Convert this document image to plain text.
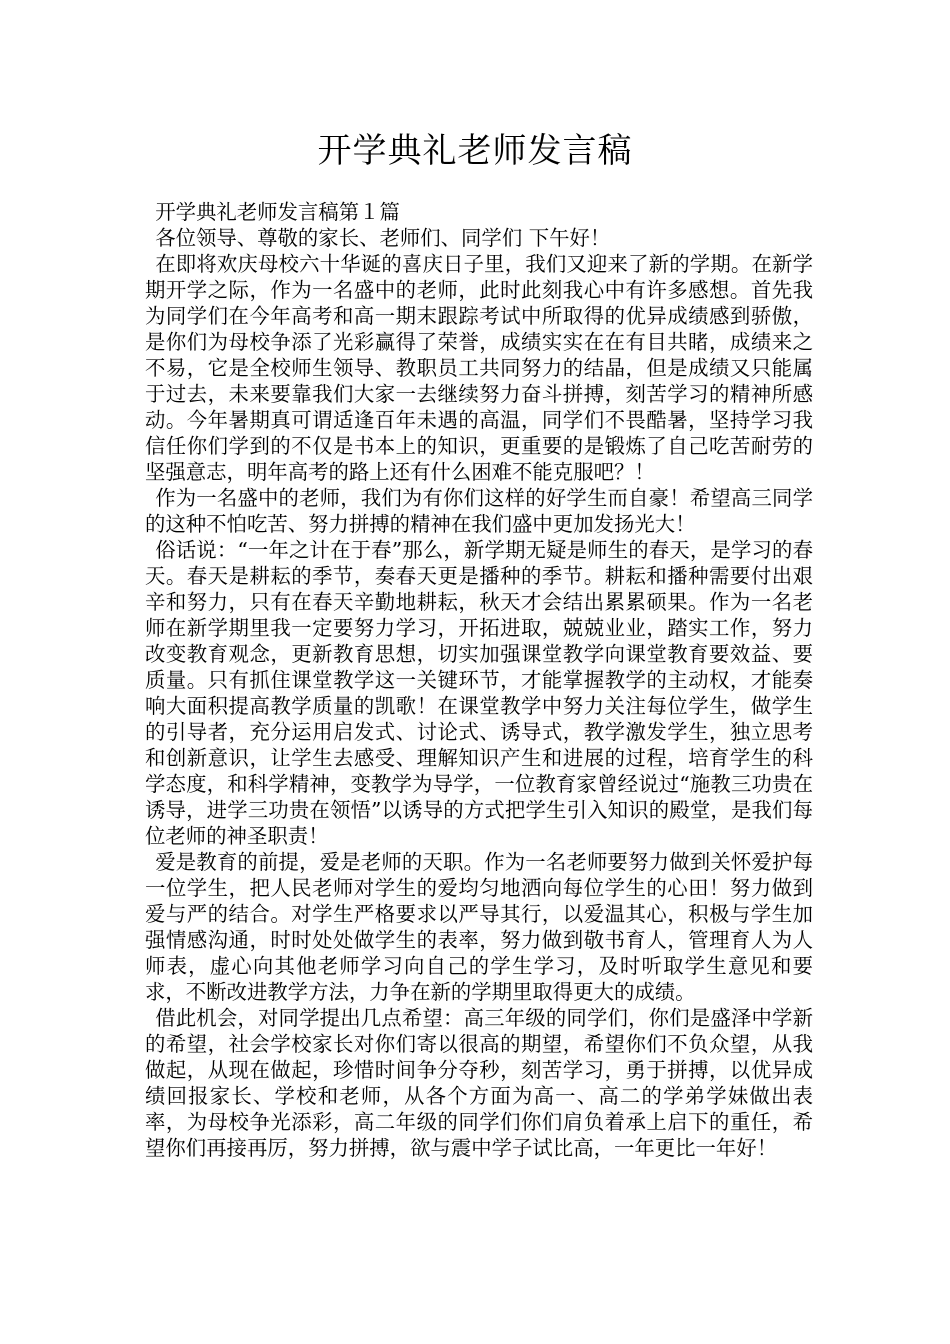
开学典礼老师发言稿

开学典礼老师发言稿第１篇

各位领导、尊敬的家长、老师们、同学们 下午好！

在即将欢庆母校六十华诞的喜庆日子里，我们又迎来了新的学期。在新学期开学之际，作为一名盛中的老师，此时此刻我心中有许多感想。首先我为同学们在今年高考和高一期末跟踪考试中所取得的优异成绩感到骄傲，是你们为母校争添了光彩赢得了荣誉，成绩实实在在有目共睹，成绩来之不易，它是全校师生领导、教职员工共同努力的结晶，但是成绩又只能属于过去，未来要靠我们大家一去继续努力奋斗拼搏，刻苦学习的精神所感动。今年暑期真可谓适逢百年未遇的高温，同学们不畏酷暑，坚持学习我信任你们学到的不仅是书本上的知识，更重要的是锻炼了自己吃苦耐劳的坚强意志，明年高考的路上还有什么困难不能克服吧？！

作为一名盛中的老师，我们为有你们这样的好学生而自豪！希望高三同学的这种不怕吃苦、努力拼搏的精神在我们盛中更加发扬光大！

俗话说：“一年之计在于春”那么，新学期无疑是师生的春天，是学习的春天。春天是耕耘的季节，奏春天更是播种的季节。耕耘和播种需要付出艰辛和努力，只有在春天辛勤地耕耘，秋天才会结出累累硕果。作为一名老师在新学期里我一定要努力学习，开拓进取，兢兢业业，踏实工作，努力改变教育观念，更新教育思想，切实加强课堂教学向课堂教育要效益、要质量。只有抓住课堂教学这一关键环节，才能掌握教学的主动权，才能奏响大面积提高教学质量的凯歌！在课堂教学中努力关注每位学生，做学生的引导者，充分运用启发式、讨论式、诱导式，教学激发学生，独立思考和创新意识，让学生去感受、理解知识产生和进展的过程，培育学生的科学态度，和科学精神，变教学为导学，一位教育家曾经说过“施教三功贵在诱导，进学三功贵在领悟”以诱导的方式把学生引入知识的殿堂，是我们每位老师的神圣职责！

爱是教育的前提，爱是老师的天职。作为一名老师要努力做到关怀爱护每一位学生，把人民老师对学生的爱均匀地洒向每位学生的心田！努力做到爱与严的结合。对学生严格要求以严导其行，以爱温其心，积极与学生加强情感沟通，时时处处做学生的表率，努力做到敬书育人，管理育人为人师表，虚心向其他老师学习向自己的学生学习，及时听取学生意见和要求，不断改进教学方法，力争在新的学期里取得更大的成绩。

借此机会，对同学提出几点希望：高三年级的同学们，你们是盛泽中学新的希望，社会学校家长对你们寄以很高的期望，希望你们不负众望，从我做起，从现在做起，珍惜时间争分夺秒，刻苦学习，勇于拼搏，以优异成绩回报家长、学校和老师，从各个方面为高一、高二的学弟学妹做出表率，为母校争光添彩，高二年级的同学们你们肩负着承上启下的重任，希望你们再接再厉，努力拼搏，欲与震中学子试比高，一年更比一年好！
